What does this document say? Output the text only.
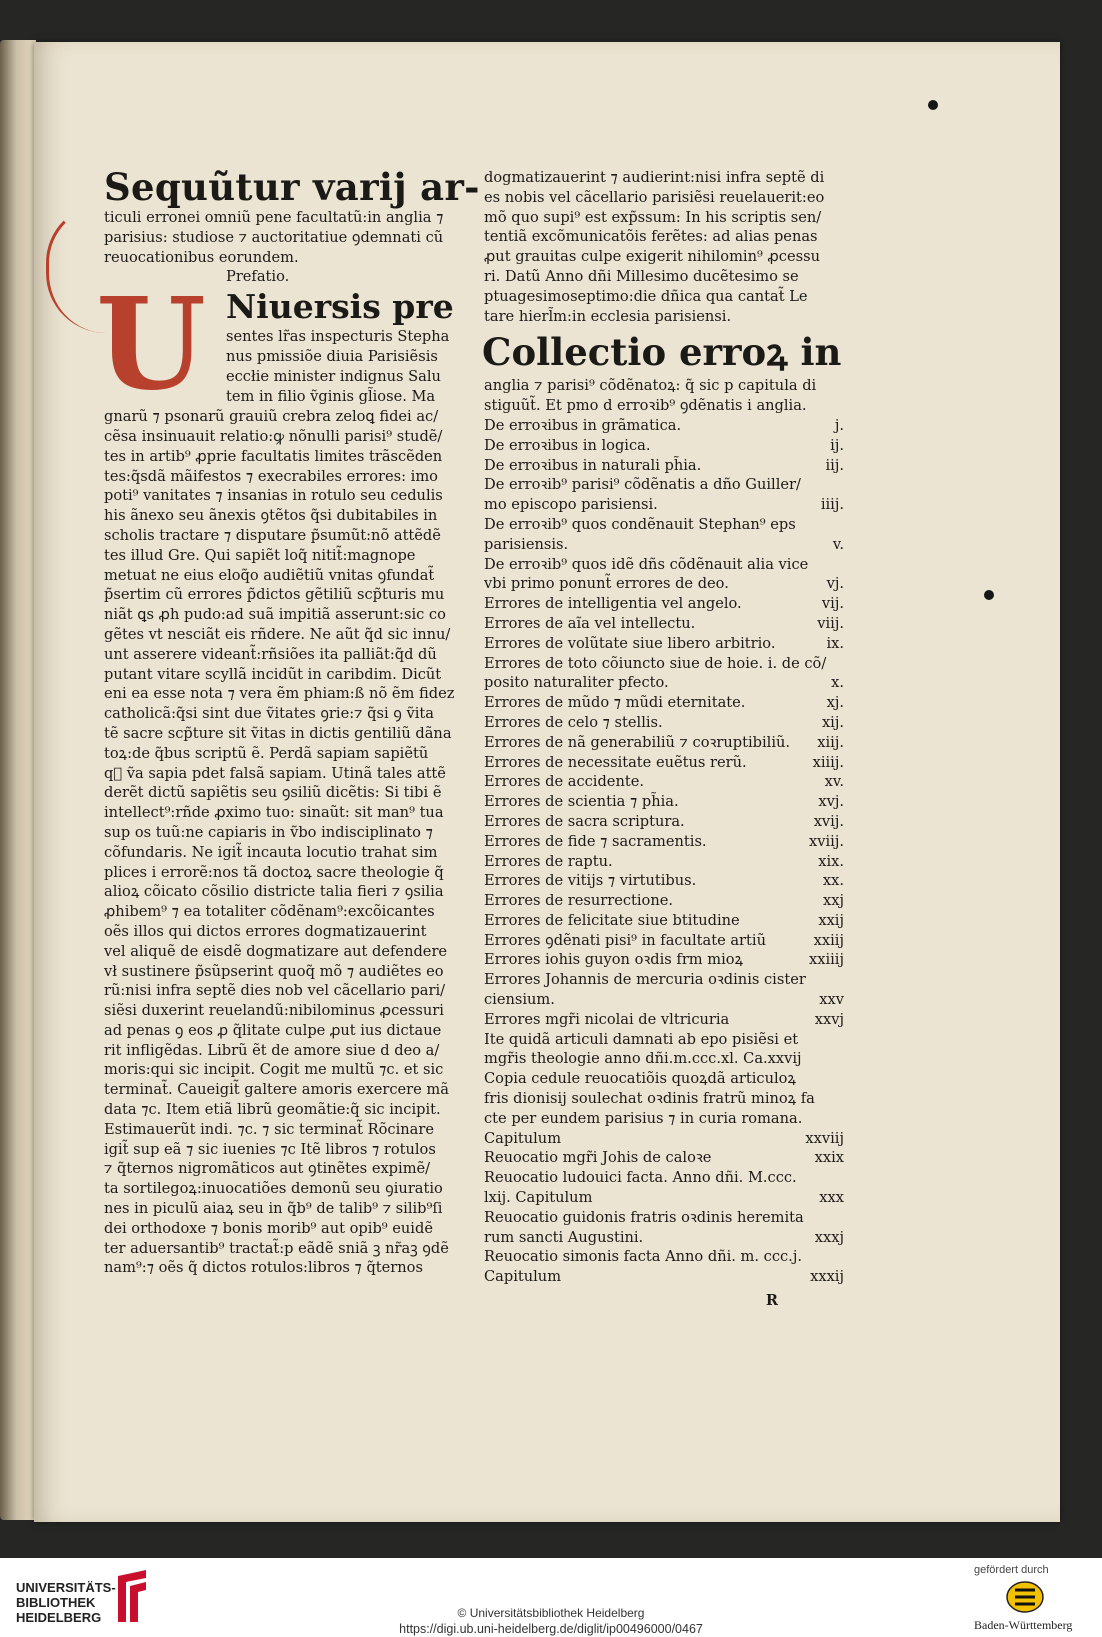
Sequũtur varij ar-
ticuli erronei omniũ pene facultatũ:in anglia ⁊
parisius: studiose ⁊ auctoritatiue ꝯdemnati cũ
reuocationibus eorundem.
Prefatio.
U Niuersis pre
sentes lr̃as inspecturis Stepha
nus pmissiõe diuia Parisiẽsis
eccłie minister indignus Salu
tem in filio ṽginis gl̃iose. Ma
gnarũ ⁊ psonarũ grauiũ crebra zeloꝗ fidei ac/
cẽsa insinuauit relatio:ꝙ nõnulli parisi⁹ studẽ/
tes in artib⁹ ꝓprie facultatis limites trãscẽden
tes:q̃sdã mãifestos ⁊ execrabiles errores: imo
poti⁹ vanitates ⁊ insanias in rotulo seu cedulis
his ãnexo seu ãnexis ꝯtẽtos q̃si dubitabiles in
scholis tractare ⁊ disputare p̃sumũt:nõ attẽdẽ
tes illud Gre. Qui sapiẽt loq̃ nitit̃:magnope
metuat ne eius eloq̃o audiẽtiũ vnitas ꝯfundat̃
p̃sertim cũ errores p̃dictos gẽtiliũ scp̃turis mu
niãt ꝗs ꝓh pudo:ad suã impitiã asserunt:sic co
gẽtes vt nesciãt eis rñdere. Ne aũt q̃d sic innu/
unt asserere videant̃:rñsiões ita palliãt:q̃d dũ
putant vitare scyllã incidũt in caribdim. Dicũt
eni ea esse nota ⁊ vera ẽm phiam:ß nõ ẽm fidez
catholicã:q̃si sint due ṽitates ꝯrie:⁊ q̃si ꝯ ṽita
tẽ sacre scp̃ture sit ṽitas in dictis gentiliũ dãna
toꝝ:de q̃bus scriptũ ẽ. Perdã sapiam sapiẽtũ
q᷑ ṽa sapia pdet falsã sapiam. Utinã tales attẽ
derẽt dictũ sapiẽtis seu ꝯsiliũ dicẽtis: Si tibi ẽ
intellect⁹:rñde ꝓximo tuo: sinaũt: sit man⁹ tua
sup os tuũ:ne capiaris in ṽbo indisciplinato ⁊
cõfundaris. Ne igit̃ incauta locutio trahat sim
plices i errorẽ:nos tã doctoꝝ sacre theologie q̃
alioꝝ cõicato cõsilio districte talia fieri ⁊ ꝯsilia
ꝓhibem⁹ ⁊ ea totaliter cõdẽnam⁹:excõicantes
oẽs illos qui dictos errores dogmatizauerint
vel aliquẽ de eisdẽ dogmatizare aut defendere
vł sustinere p̃sũpserint quoq̃ mõ ⁊ audiẽtes eo
rũ:nisi infra septẽ dies nob vel cãcellario pari/
siẽsi duxerint reuelandũ:nibilominus ꝓcessuri
ad penas ꝯ eos ꝓ q̃litate culpe ꝓut ius dictaue
rit infligẽdas. Librũ ẽt de amore siue d deo a/
moris:qui sic incipit. Cogit me multũ ⁊c. et sic
terminat̃. Caueigit̃ galtere amoris exercere mã
data ⁊c. Item etiã librũ geomãtie:q̃ sic incipit.
Estimauerũt indi. ⁊c. ⁊ sic terminat̃ Rõcinare
igit̃ sup eã ⁊ sic iuenies ⁊c Itẽ libros ⁊ rotulos
⁊ q̃ternos nigromãticos aut ꝯtinẽtes expimẽ/
ta sortilegoꝝ:inuocatiões demonũ seu ꝯiuratio
nes in piculũ aiaꝝ seu in q̃b⁹ de talib⁹ ⁊ silib⁹ſi
dei orthodoxe ⁊ bonis morib⁹ aut opib⁹ euidẽ
ter aduersantib⁹ tractat̃:p eãdẽ sniã ꝫ nr̃aꝫ ꝯdẽ
nam⁹:⁊ oẽs q̃ dictos rotulos:libros ⁊ q̃ternos
dogmatizauerint ⁊ audierint:nisi infra septẽ di
es nobis vel cãcellario parisiẽsi reuelauerit:eo
mõ quo supi⁹ est exp̃ssum: In his scriptis sen/
tentiã excõmunicatõis ferẽtes: ad alias penas
ꝓut grauitas culpe exigerit nihilomin⁹ ꝓcessu
ri. Datũ Anno dñi Millesimo ducẽtesimo se
ptuagesimoseptimo:die dñica qua cantat̃ Le
tare hierl̃m:in ecclesia parisiensi.
Collectio erroꝝ in
anglia ⁊ parisi⁹ cõdẽnatoꝝ: q̃ sic p capitula di
stiguũt̃. Et pmo d erroꝛib⁹ ꝯdẽnatis i anglia.
De erroꝛibus in grãmatica.	j.
De erroꝛibus in logica.	ij.
De erroꝛibus in naturali ph̃ia.	iij.
De erroꝛib⁹ parisi⁹ cõdẽnatis a dño Guiller/
mo episcopo parisiensi.	iiij.
De erroꝛib⁹ quos condẽnauit Stephan⁹ eps
parisiensis.	v.
De erroꝛib⁹ quos idẽ dñs cõdẽnauit alia vice
vbi primo ponunt̃ errores de deo.	vj.
Errores de intelligentia vel angelo.	vij.
Errores de aĩa vel intellectu.	viij.
Errores de volũtate siue libero arbitrio.	ix.
Errores de toto cõiuncto siue de hoie. i. de cõ/
posito naturaliter pfecto.	x.
Errores de mũdo ⁊ mũdi eternitate.	xj.
Errores de celo ⁊ stellis.	xij.
Errores de nã generabiliũ ⁊ coꝛruptibiliũ.	xiij.
Errores de necessitate euẽtus rerũ.	xiiij.
Errores de accidente.	xv.
Errores de scientia ⁊ ph̃ia.	xvj.
Errores de sacra scriptura.	xvij.
Errores de fide ⁊ sacramentis.	xviij.
Errores de raptu.	xix.
Errores de vitijs ⁊ virtutibus.	xx.
Errores de resurrectione.	xxj
Errores de felicitate siue btitudine	xxij
Errores ꝯdẽnati pisi⁹ in facultate artiũ	xxiij
Errores iohis guyon oꝛdis frm mioꝝ	xxiiij
Errores Johannis de mercuria oꝛdinis cister
ciensium.	xxv
Errores mgr̃i nicolai de vltricuria	xxvj
Ite quidã articuli damnati ab epo pisiẽsi et
mgr̃is theologie anno dñi.m.ccc.xl. Ca.xxvij
Copia cedule reuocatiõis quoꝝdã articuloꝝ
fris dionisij soulechat oꝛdinis fratrũ minoꝝ fa
cte per eundem parisius ⁊ in curia romana.
Capitulum	xxviij
Reuocatio mgr̃i Johis de caloꝛe	xxix
Reuocatio ludouici facta. Anno dñi. M.ccc.
lxij. Capitulum	xxx
Reuocatio guidonis fratris oꝛdinis heremita
rum sancti Augustini.	xxxj
Reuocatio simonis facta Anno dñi. m. ccc.j.
Capitulum	xxxij
R
UNIVERSITÄTS-
BIBLIOTHEK
HEIDELBERG	© Universitätsbibliothek Heidelberg
https://digi.ub.uni-heidelberg.de/diglit/ip00496000/0467
gefördert durch
Baden-Württemberg
